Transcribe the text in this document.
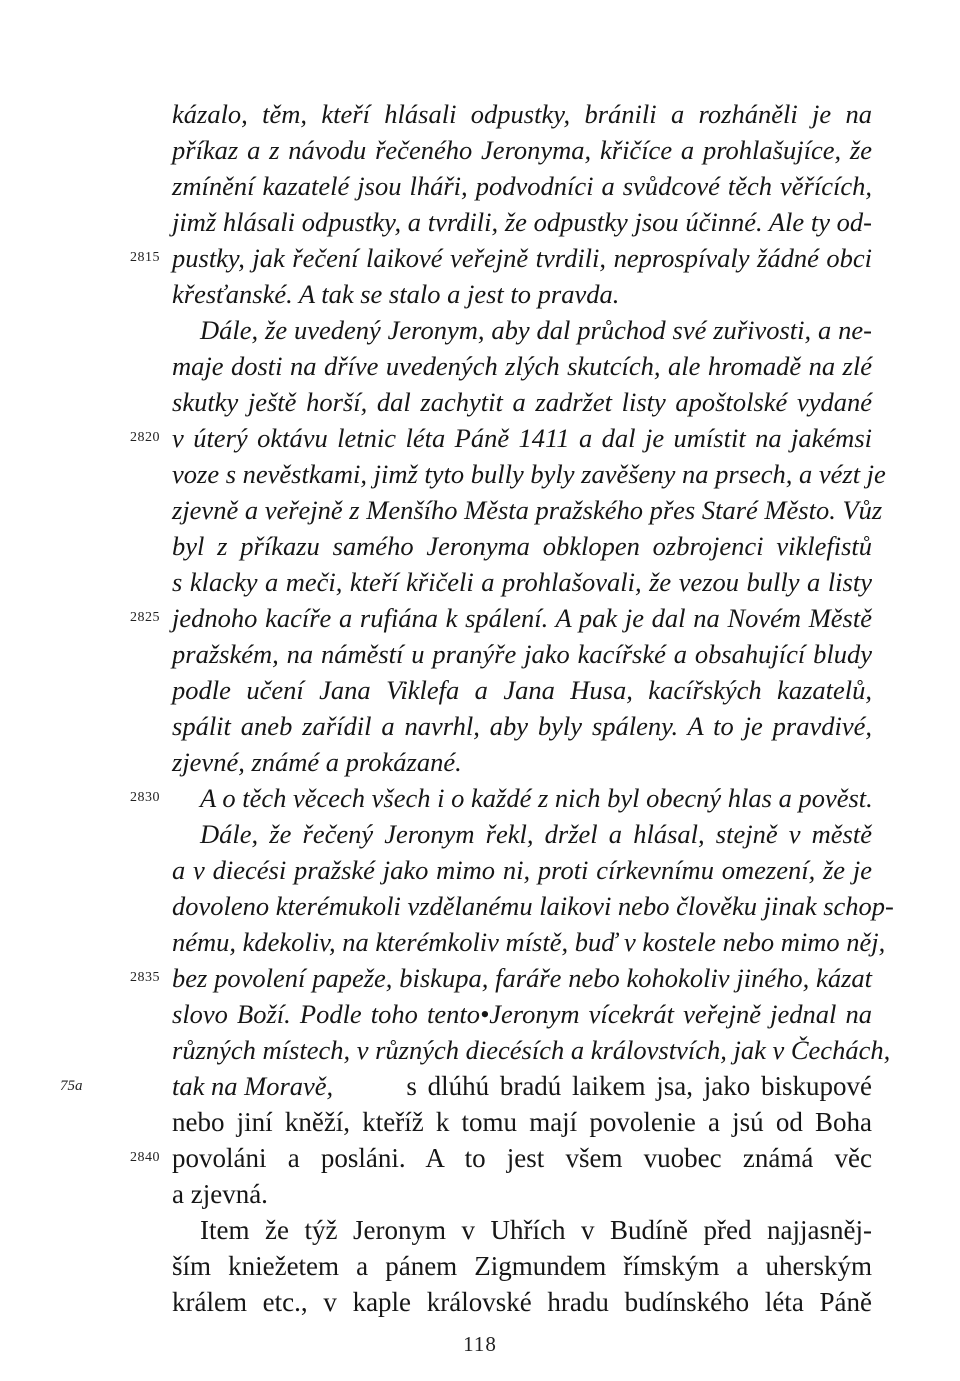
kázalo, těm, kteří hlásali odpustky, bránili a rozháněli je na
příkaz a z návodu řečeného Jeronyma, křičíce a prohlašujíce, že
zmínění kazatelé jsou lháři, podvodníci a svůdcové těch věřících,
jimž hlásali odpustky, a tvrdili, že odpustky jsou účinné. Ale ty od-
2815 pustky, jak řečení laikové veřejně tvrdili, neprospívaly žádné obci
křesťanské. A tak se stalo a jest to pravda.
Dále, že uvedený Jeronym, aby dal průchod své zuřivosti, a ne-
maje dosti na dříve uvedených zlých skutcích, ale hromadě na zlé
skutky ještě horší, dal zachytit a zadržet listy apoštolské vydané
2820 v úterý oktávu letnic léta Páně 1411 a dal je umístit na jakémsi
voze s nevěstkami, jimž tyto bully byly zavěšeny na prsech, a vézt je
zjevně a veřejně z Menšího Města pražského přes Staré Město. Vůz
byl z příkazu samého Jeronyma obklopen ozbrojenci viklefistů
s klacky a meči, kteří křičeli a prohlašovali, že vezou bully a listy
2825 jednoho kacíře a rufiána k spálení. A pak je dal na Novém Městě
pražském, na náměstí u pranýře jako kacířské a obsahující bludy
podle učení Jana Viklefa a Jana Husa, kacířských kazatelů,
spálit aneb zařídil a navrhl, aby byly spáleny. A to je pravdivé,
zjevné, známé a prokázané.
2830 A o těch věcech všech i o každé z nich byl obecný hlas a pověst.
Dále, že řečený Jeronym řekl, držel a hlásal, stejně v městě
a v diecési pražské jako mimo ni, proti církevnímu omezení, že je
dovoleno kterémukoli vzdělanému laikovi nebo člověku jinak schop-
nému, kdekoliv, na kterémkoliv místě, buď v kostele nebo mimo něj,
2835 bez povolení papeže, biskupa, faráře nebo kohokoliv jiného, kázat
slovo Boží. Podle toho tento•Jeronym vícekrát veřejně jednal na
různých místech, v různých diecésích a královstvích, jak v Čechách,
75a	tak na Moravě, s dlúhú bradú laikem jsa, jako biskupové
nebo jiní kněží, kteříž k tomu mají povolenie a jsú od Boha
2840 povoláni a posláni. A to jest všem vuobec známá věc
a zjevná.
Item že týž Jeronym v Uhřích v Budíně před najjasněj-
ším kniežetem a pánem Zigmundem římským a uherským
králem etc., v kaple královské hradu budínského léta Páně
118
